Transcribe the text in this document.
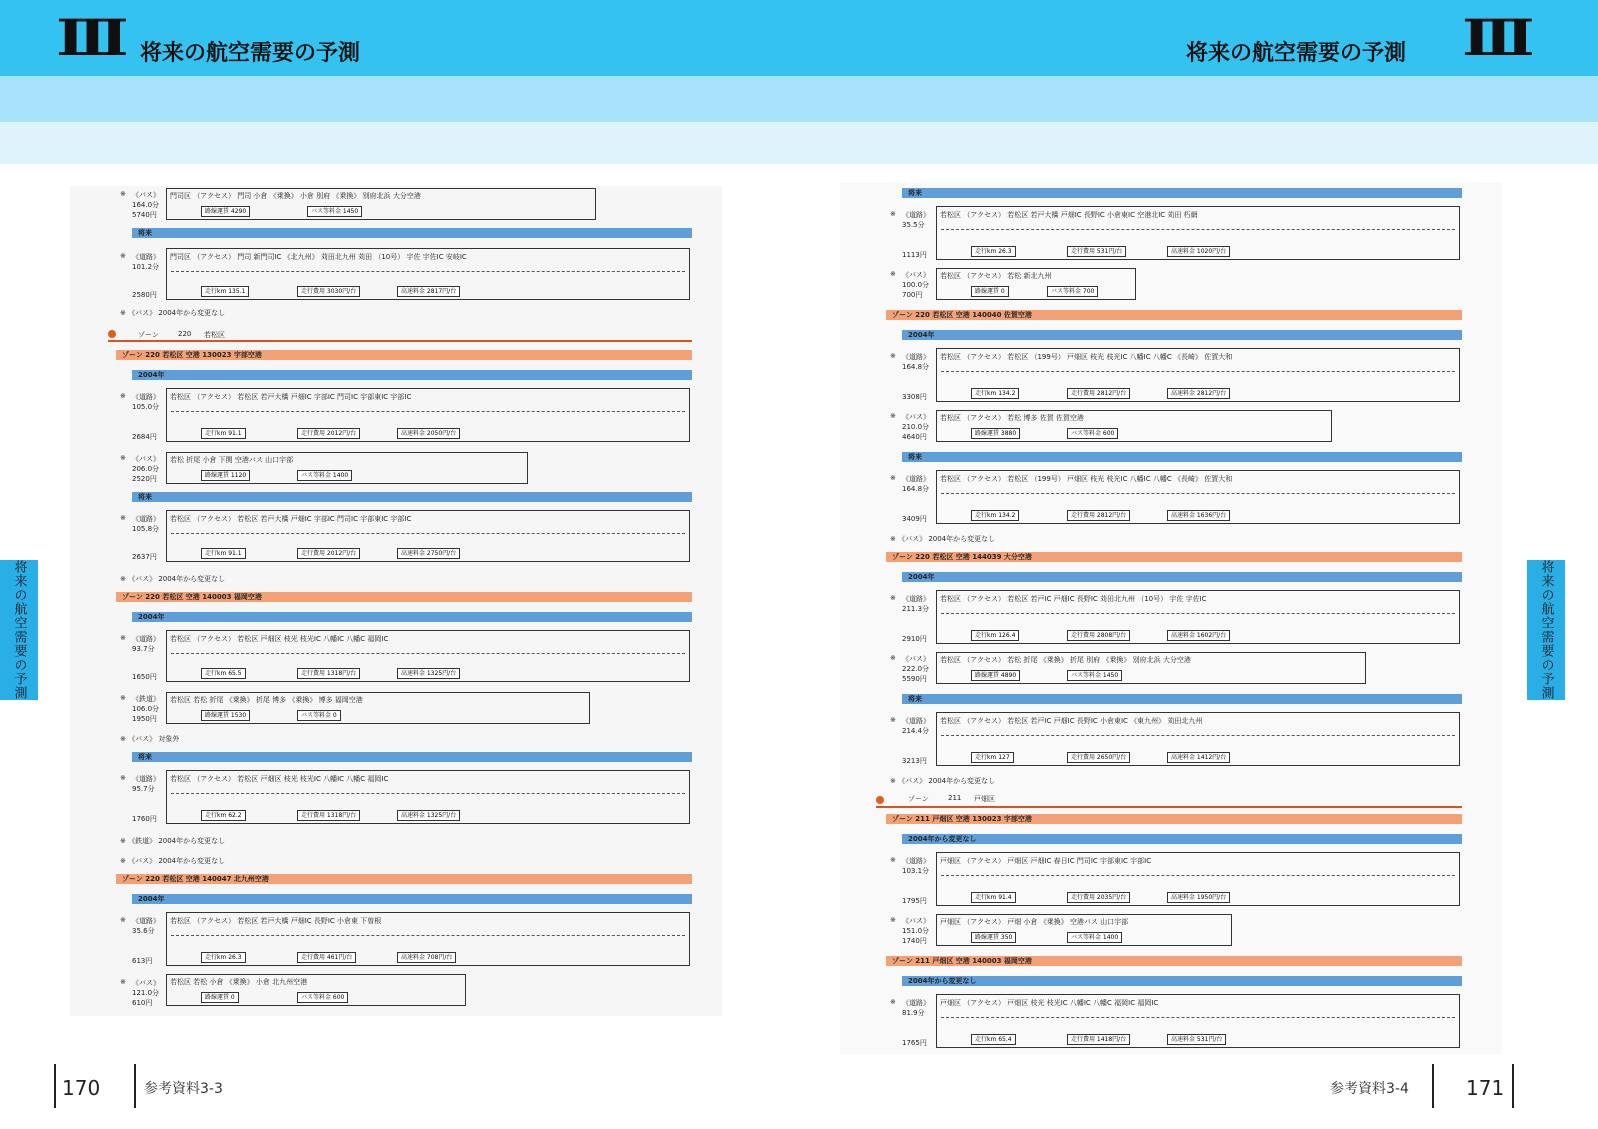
III 将来の航空需要の予測	将来の航空需要の予測 III
将来の航空需要の予測	将来の航空需要の予測
※ 《バス》
164.0分
5740円
門司区 （アクセス） 門司 小倉 《乗換》 小倉 別府 《乗換》 別府北浜 大分空港
路線運賃 4290	バス等料金 1450
将来
※ 《道路》
101.2分
2580円
門司区 （アクセス） 門司 新門司IC 《北九州》 苅田北九州 苅田 （10号） 宇佐 宇佐IC 安岐IC
走行km 135.1	走行費用 3030円/台	高速料金 2817円/台
※ 《バス》 2004年から変更なし
ゾーン	220 若松区
ゾーン 220 若松区 空港 130023 宇部空港
2004年
※ 《道路》
105.0分
2684円
若松区 （アクセス） 若松区 若戸大橋 戸畑IC 宇部IC 門司IC 宇部東IC 宇部IC
走行km 91.1	走行費用 2012円/台	高速料金 2050円/台
※ 《バス》
206.0分
2520円
若松 折尾 小倉 下関 空港バス 山口宇部
路線運賃 1120	バス等料金 1400
将来
※ 《道路》
105.8分
2637円
若松区 （アクセス） 若松区 若戸大橋 戸畑IC 宇部IC 門司IC 宇部東IC 宇部IC
走行km 91.1	走行費用 2012円/台	高速料金 2750円/台
※ 《バス》 2004年から変更なし
ゾーン 220 若松区 空港 140003 福岡空港
2004年
※ 《道路》
93.7分
1650円
若松区 （アクセス） 若松区 戸畑区 枝光 枝光IC 八幡IC 八幡C 福岡IC
走行km 65.5	走行費用 1318円/台	高速料金 1325円/台
※ 《鉄道》
106.0分
1950円
若松区 若松 折尾 《乗換》 折尾 博多 《乗換》 博多 福岡空港
路線運賃 1530	バス等料金 0
※ 《バス》 対象外
将来
※ 《道路》
95.7分
1760円
若松区 （アクセス） 若松区 戸畑区 枝光 枝光IC 八幡IC 八幡C 福岡IC
走行km 62.2	走行費用 1318円/台	高速料金 1325円/台
※ 《鉄道》 2004年から変更なし
※ 《バス》 2004年から変更なし
ゾーン 220 若松区 空港 140047 北九州空港
2004年
※ 《道路》
35.6分
613円
若松区 （アクセス） 若松区 若戸大橋 戸畑IC 長野IC 小倉東 下曽根
走行km 26.3	走行費用 461円/台	高速料金 708円/台
※ 《バス》
121.0分
610円
若松区 若松 小倉 《乗換》 小倉 北九州空港
路線運賃 0	バス等料金 600
将来
※ 《道路》
35.5分
1113円
若松区 （アクセス） 若松区 若戸大橋 戸畑IC 長野IC 小倉東IC 空港北IC 苅田 朽網
走行km 26.3	走行費用 531円/台	高速料金 1020円/台
※ 《バス》
100.0分
700円
若松区 （アクセス） 若松 新北九州
路線運賃 0	バス等料金 700
ゾーン 220 若松区 空港 140040 佐賀空港
2004年
※ 《道路》
164.8分
3308円
若松区 （アクセス） 若松区 （199号） 戸畑区 枝光 枝光IC 八幡IC 八幡C 《長崎》 佐賀大和
走行km 134.2	走行費用 2812円/台	高速料金 2812円/台
※ 《バス》
210.0分
4640円
若松区 （アクセス） 若松 博多 佐賀 佐賀空港
路線運賃 3880	バス等料金 600
将来
※ 《道路》
164.8分
3409円
若松区 （アクセス） 若松区 （199号） 戸畑区 枝光 枝光IC 八幡IC 八幡C 《長崎》 佐賀大和
走行km 134.2	走行費用 2812円/台	高速料金 1636円/台
※ 《バス》 2004年から変更なし
ゾーン 220 若松区 空港 144039 大分空港
2004年
※ 《道路》
211.3分
2910円
若松区 （アクセス） 若松区 若戸IC 戸畑IC 長野IC 苅田北九州 （10号） 宇佐 宇佐IC
走行km 126.4	走行費用 2808円/台	高速料金 1602円/台
※ 《バス》
222.0分
5590円
若松区 （アクセス） 若松 折尾 《乗換》 折尾 別府 《乗換》 別府北浜 大分空港
路線運賃 4890	バス等料金 1450
将来
※ 《道路》
214.4分
3213円
若松区 （アクセス） 若松区 若戸IC 戸畑IC 長野IC 小倉東IC 《東九州》 苅田北九州
走行km 127	走行費用 2650円/台	高速料金 1412円/台
※ 《バス》 2004年から変更なし
ゾーン	211 戸畑区
ゾーン 211 戸畑区 空港 130023 宇部空港
2004年から変更なし
※ 《道路》
103.1分
1795円
戸畑区 （アクセス） 戸畑区 戸畑IC 春日IC 門司IC 宇部東IC 宇部IC
走行km 91.4	走行費用 2035円/台	高速料金 1950円/台
※ 《バス》
151.0分
1740円
戸畑区 （アクセス） 戸畑 小倉 《乗換》 空港バス 山口宇部
路線運賃 350	バス等料金 1400
ゾーン 211 戸畑区 空港 140003 福岡空港
2004年から変更なし
※ 《道路》
81.9分
1765円
戸畑区 （アクセス） 戸畑区 枝光 枝光IC 八幡IC 八幡C 福岡IC 福岡IC
走行km 65.4	走行費用 1418円/台	高速料金 531円/台
170	参考資料3-3	参考資料3-4	171
